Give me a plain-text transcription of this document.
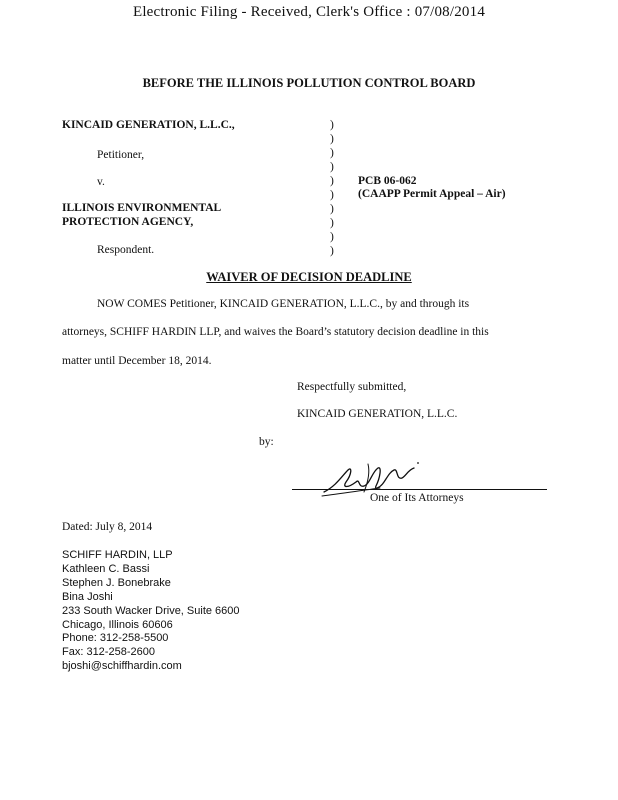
Electronic Filing - Received, Clerk's Office : 07/08/2014
BEFORE THE ILLINOIS POLLUTION CONTROL BOARD
KINCAID GENERATION, L.L.C.,
Petitioner,
v.
ILLINOIS ENVIRONMENTAL
PROTECTION AGENCY,
Respondent.
)
)
)
)
)
)
)
)
)
)
PCB 06-062
(CAAPP Permit Appeal – Air)
WAIVER OF DECISION DEADLINE
NOW COMES Petitioner, KINCAID GENERATION, L.L.C., by and through its
attorneys, SCHIFF HARDIN LLP, and waives the Board’s statutory decision deadline in this
matter until December 18, 2014.
Respectfully submitted,
KINCAID GENERATION, L.L.C.
by:
One of Its Attorneys
Dated: July 8, 2014
SCHIFF HARDIN, LLP
Kathleen C. Bassi
Stephen J. Bonebrake
Bina Joshi
233 South Wacker Drive, Suite 6600
Chicago, Illinois 60606
Phone: 312-258-5500
Fax: 312-258-2600
bjoshi@schiffhardin.com
